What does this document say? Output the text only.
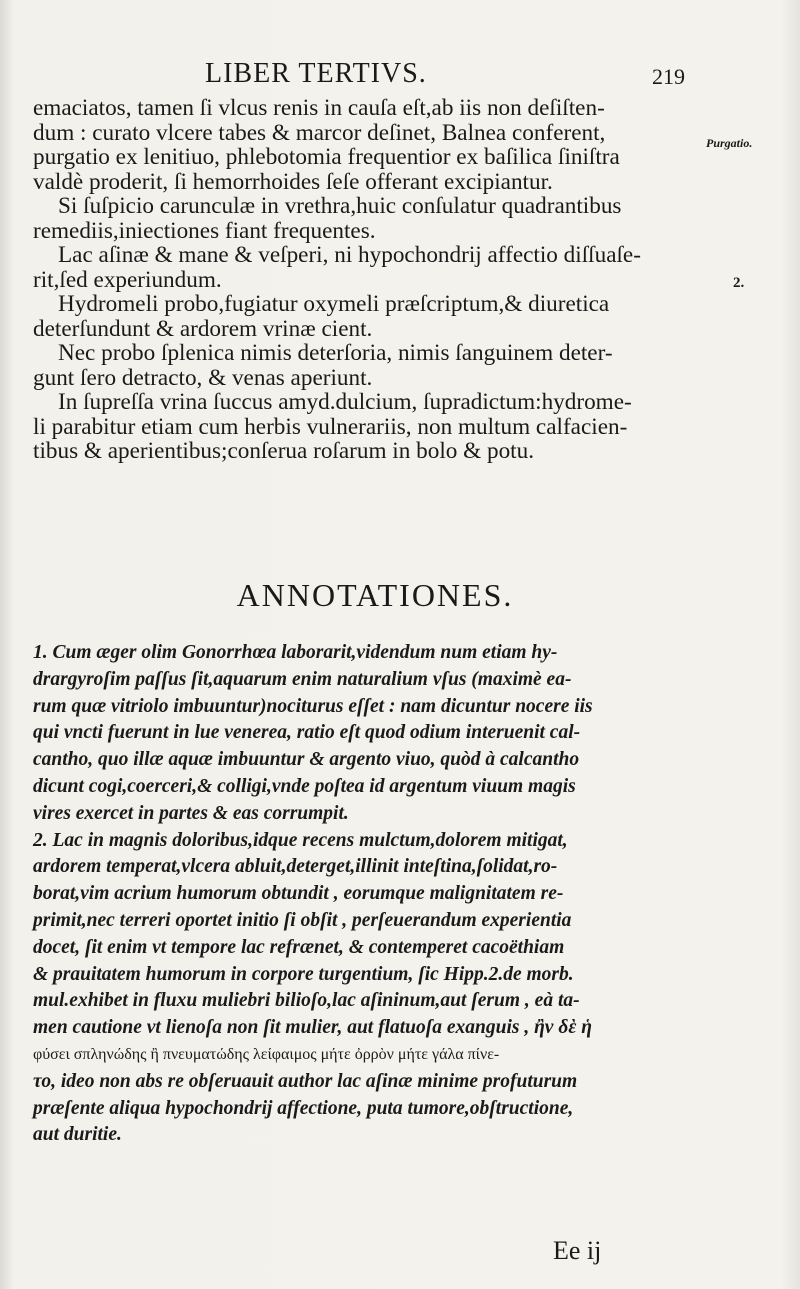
LIBER TERTIVS.	219
Purgatio.
2.
emaciatos, tamen ſi vlcus renis in cauſa eſt,ab iis non deſiſten-
dum : curato vlcere tabes & marcor deſinet, Balnea conferent,
purgatio ex lenitiuo, phlebotomia frequentior ex baſilica ſiniſtra
valdè proderit, ſi hemorrhoides ſeſe offerant excipiantur.
Si ſuſpicio carunculæ in vrethra,huic conſulatur quadrantibus
remediis,iniectiones fiant frequentes.
Lac aſinæ & mane & veſperi, ni hypochondrij affectio diſſuaſe-
rit,ſed experiundum.
Hydromeli probo,fugiatur oxymeli præſcriptum,& diuretica
deterſundunt & ardorem vrinæ cient.
Nec probo ſplenica nimis deterſoria, nimis ſanguinem deter-
gunt ſero detracto, & venas aperiunt.
In ſupreſſa vrina ſuccus amyd.dulcium, ſupradictum:hydrome-
li parabitur etiam cum herbis vulnerariis, non multum calfacien-
tibus & aperientibus;conſerua roſarum in bolo & potu.
ANNOTATIONES.
1. Cum æger olim Gonorrhœa laborarit,videndum num etiam hy-
drargyroſim paſſus ſit,aquarum enim naturalium vſus (maximè ea-
rum quæ vitriolo imbuuntur)nociturus eſſet : nam dicuntur nocere iis
qui vncti fuerunt in lue venerea, ratio eſt quod odium interuenit cal-
cantho, quo illæ aquæ imbuuntur & argento viuo, quòd à calcantho
dicunt cogi,coerceri,& colligi,vnde poſtea id argentum viuum magis
vires exercet in partes & eas corrumpit.
2. Lac in magnis doloribus,idque recens mulctum,dolorem mitigat,
ardorem temperat,vlcera abluit,deterget,illinit inteſtina,ſolidat,ro-
borat,vim acrium humorum obtundit , eorumque malignitatem re-
primit,nec terreri oportet initio ſi obſit , perſeuerandum experientia
docet, ſit enim vt tempore lac refrænet, & contemperet cacoëthiam
& prauitatem humorum in corpore turgentium, ſic Hipp.2.de morb.
mul.exhibet in fluxu muliebri bilioſo,lac aſininum,aut ſerum , eà ta-
men cautione vt lienoſa non ſit mulier, aut flatuoſa exanguis , ἢν δὲ ἡ
φύσει σπληνώδης ἢ πνευματώδης λείφαιμος μήτε ὀρρὸν μήτε γάλα πίνε-
το, ideo non abs re obſeruauit author lac aſinæ minime profuturum
præſente aliqua hypochondrij affectione, puta tumore,obſtructione,
aut duritie.
Ee ij
